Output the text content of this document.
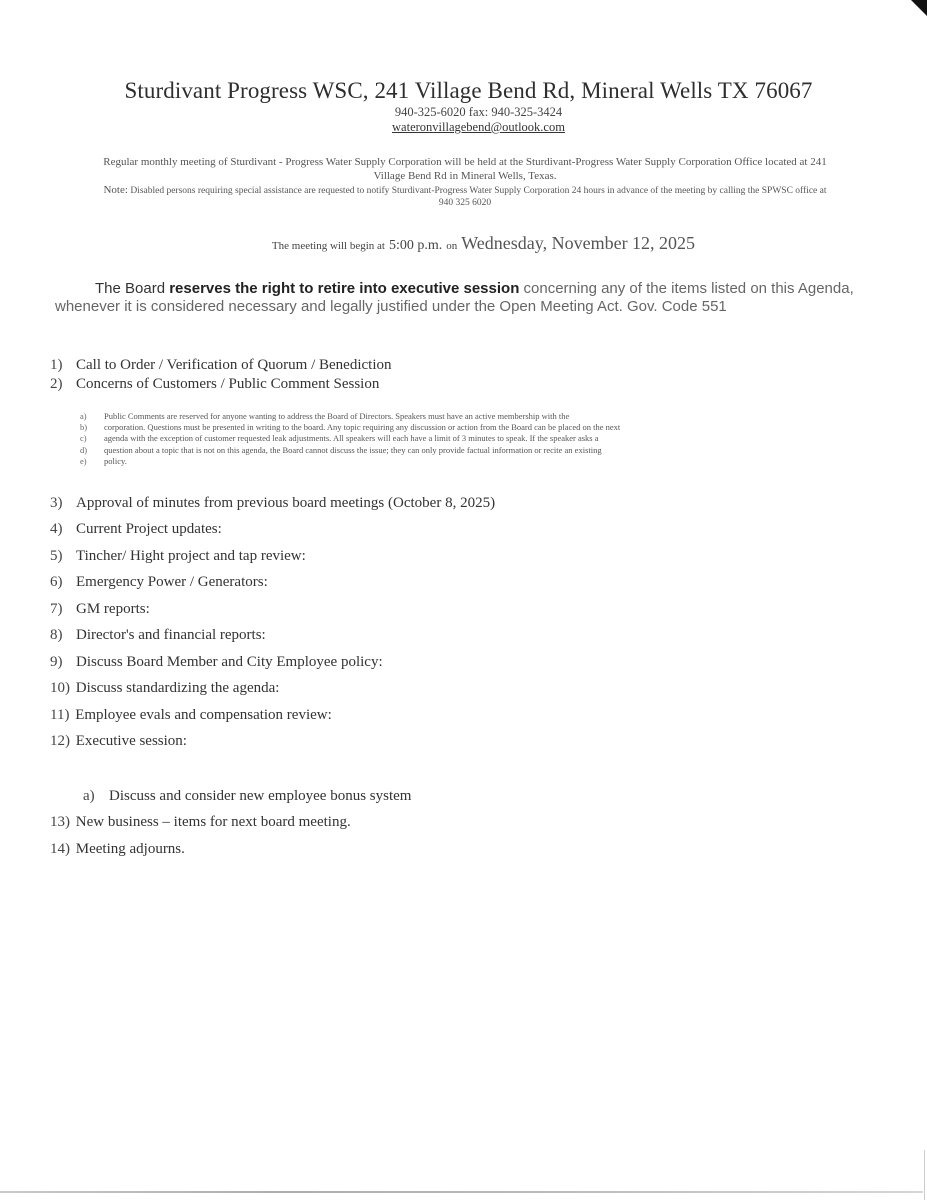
Sturdivant Progress WSC, 241 Village Bend Rd, Mineral Wells TX 76067
940-325-6020 fax: 940-325-3424
wateronvillagebend@outlook.com
Regular monthly meeting of Sturdivant - Progress Water Supply Corporation will be held at the Sturdivant-Progress Water Supply Corporation Office located at 241 Village Bend Rd in Mineral Wells, Texas.
Note: Disabled persons requiring special assistance are requested to notify Sturdivant-Progress Water Supply Corporation 24 hours in advance of the meeting by calling the SPWSC office at 940 325 6020
The meeting will begin at 5:00 p.m. on Wednesday, November 12, 2025
The Board reserves the right to retire into executive session concerning any of the items listed on this Agenda, whenever it is considered necessary and legally justified under the Open Meeting Act. Gov. Code 551
1) Call to Order / Verification of Quorum / Benediction
2) Concerns of Customers / Public Comment Session
a) Public Comments are reserved for anyone wanting to address the Board of Directors. Speakers must have an active membership with the
b) corporation. Questions must be presented in writing to the board. Any topic requiring any discussion or action from the Board can be placed on the next
c) agenda with the exception of customer requested leak adjustments. All speakers will each have a limit of 3 minutes to speak. If the speaker asks a
d) question about a topic that is not on this agenda, the Board cannot discuss the issue; they can only provide factual information or recite an existing
e) policy.
3) Approval of minutes from previous board meetings (October 8, 2025)
4) Current Project updates:
5) Tincher/ Hight project and tap review:
6) Emergency Power / Generators:
7) GM reports:
8) Director's and financial reports:
9) Discuss Board Member and City Employee policy:
10) Discuss standardizing the agenda:
11) Employee evals and compensation review:
12) Executive session:
a) Discuss and consider new employee bonus system
13) New business – items for next board meeting.
14) Meeting adjourns.
